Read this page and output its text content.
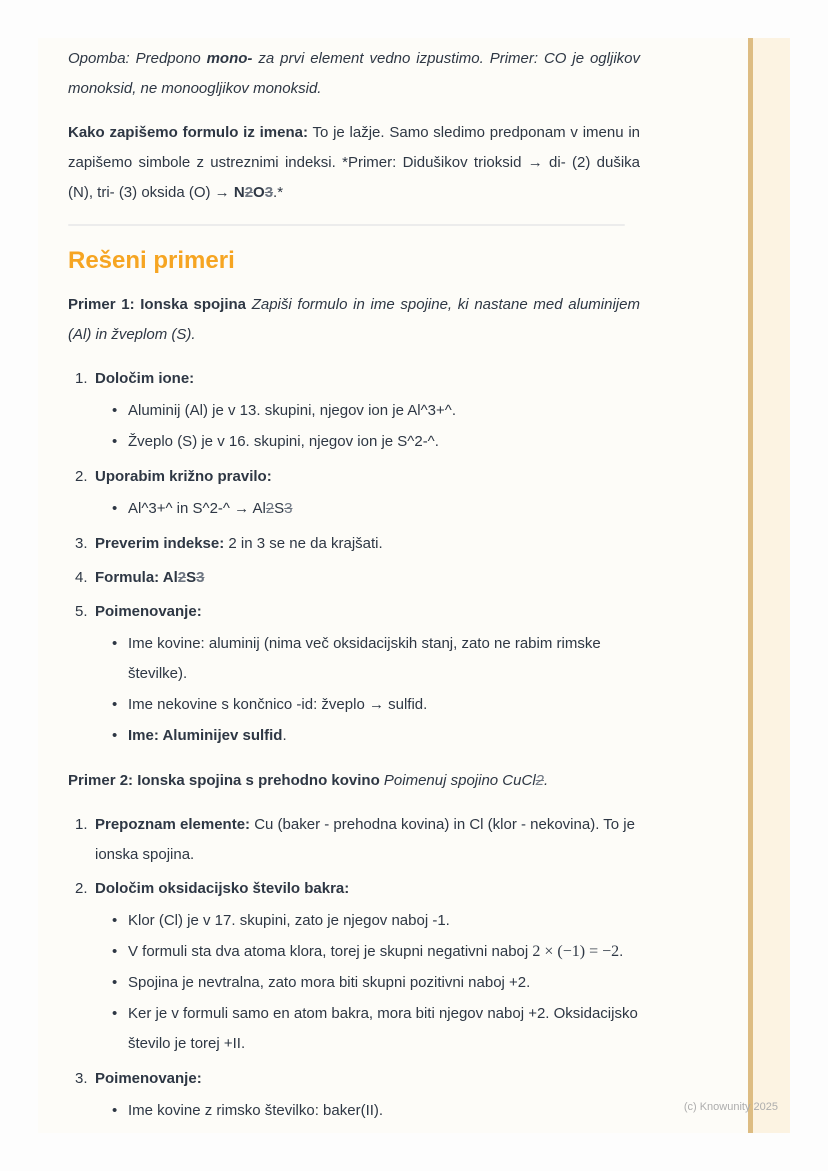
Opomba: Predpono mono- za prvi element vedno izpustimo. Primer: CO je ogljikov monoksid, ne monoogljikov monoksid.

Kako zapišemo formulo iz imena: To je lažje. Samo sledimo predponam v imenu in zapišemo simbole z ustreznimi indeksi. *Primer: Didušikov trioksid → di- (2) dušika (N), tri- (3) oksida (O) → N2O3.*

Rešeni primeri

Primer 1: Ionska spojina Zapiši formulo in ime spojine, ki nastane med aluminijem (Al) in žveplom (S).

1. Določim ione:
• Aluminij (Al) je v 13. skupini, njegov ion je Al^3+^.
• Žveplo (S) je v 16. skupini, njegov ion je S^2-^.
2. Uporabim križno pravilo:
• Al^3+^ in S^2-^ → Al2S3
3. Preverim indekse: 2 in 3 se ne da krajšati.
4. Formula: Al2S3
5. Poimenovanje:
• Ime kovine: aluminij (nima več oksidacijskih stanj, zato ne rabim rimske številke).
• Ime nekovine s končnico -id: žveplo → sulfid.
• Ime: Aluminijev sulfid.

Primer 2: Ionska spojina s prehodno kovino Poimenuj spojino CuCl2.

1. Prepoznam elemente: Cu (baker - prehodna kovina) in Cl (klor - nekovina). To je ionska spojina.
2. Določim oksidacijsko število bakra:
• Klor (Cl) je v 17. skupini, zato je njegov naboj -1.
• V formuli sta dva atoma klora, torej je skupni negativni naboj 2 × (−1) = −2.
• Spojina je nevtralna, zato mora biti skupni pozitivni naboj +2.
• Ker je v formuli samo en atom bakra, mora biti njegov naboj +2. Oksidacijsko število je torej +II.
3. Poimenovanje:
• Ime kovine z rimsko številko: baker(II).	(c) Knowunity 2025
